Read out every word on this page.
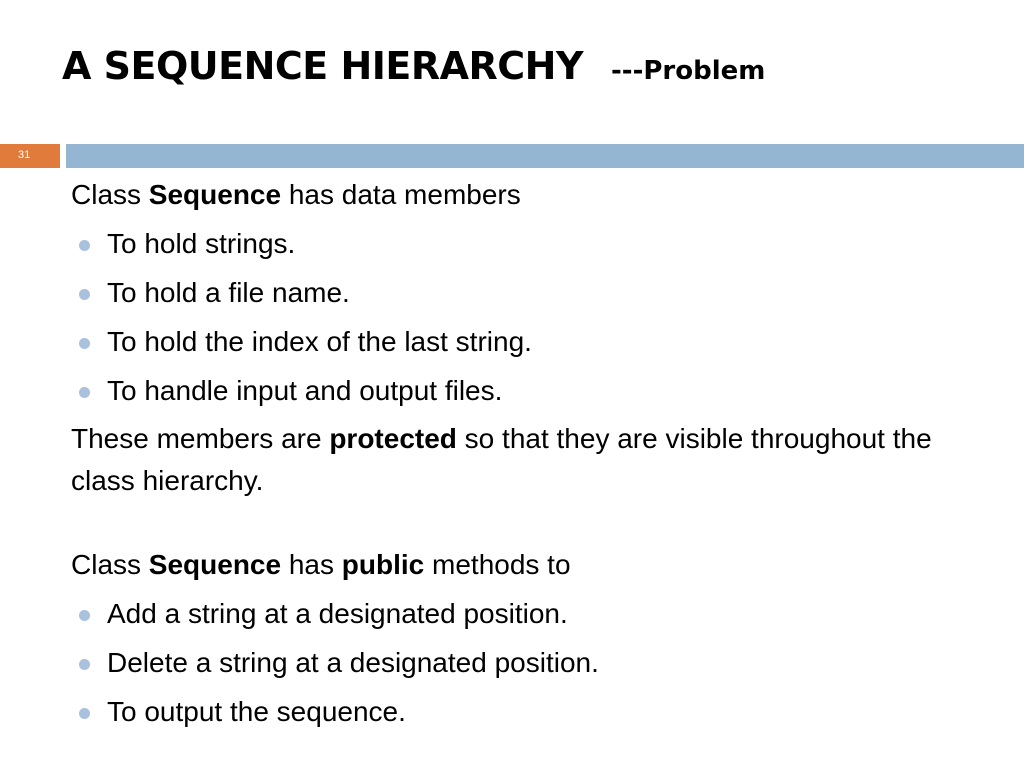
A SEQUENCE HIERARCHY ---Problem
31

Class Sequence has data members

To hold strings.
To hold a file name.
To hold the index of the last string.
To handle input and output files.

These members are protected so that they are visible throughout the class hierarchy.

Class Sequence has public methods to

Add a string at a designated position.
Delete a string at a designated position.
To output the sequence.
